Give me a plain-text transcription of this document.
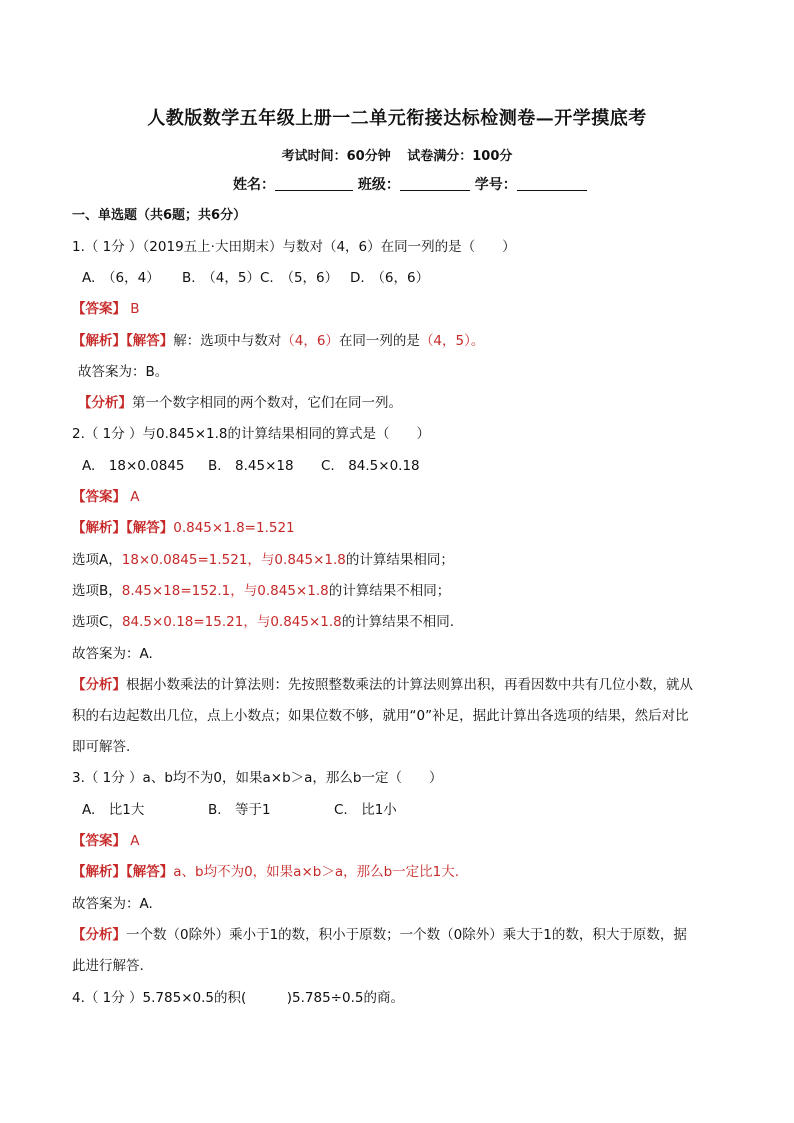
人教版数学五年级上册一二单元衔接达标检测卷—开学摸底考
考试时间：60分钟 试卷满分：100分
姓名：	班级：	学号：
一、单选题（共6题；共6分）
1.（ 1分 ）（2019五上·大田期末）与数对（4，6）在同一列的是（　　）
A.　（6，4） B.　（4，5）C.　（5，6） D.　（6，6）
【答案】 B
【解析】【解答】解：选项中与数对（4，6）在同一列的是（4，5）。
故答案为：B。
【分析】第一个数字相同的两个数对，它们在同一列。
2.（ 1分 ）与0.845×1.8的计算结果相同的算式是（　　）
A.　18×0.0845 B.　8.45×18 C.　84.5×0.18
【答案】 A
【解析】【解答】0.845×1.8=1.521
选项A，18×0.0845=1.521，与0.845×1.8的计算结果相同；
选项B，8.45×18=152.1，与0.845×1.8的计算结果不相同；
选项C，84.5×0.18=15.21，与0.845×1.8的计算结果不相同.
故答案为：A.
【分析】根据小数乘法的计算法则：先按照整数乘法的计算法则算出积，再看因数中共有几位小数，就从
积的右边起数出几位，点上小数点；如果位数不够，就用“0”补足，据此计算出各选项的结果，然后对比
即可解答.
3.（ 1分 ）a、b均不为0，如果a×b＞a，那么b一定（　　）
A.　比1大	B.　等于1	C.　比1小
【答案】 A
【解析】【解答】a、b均不为0，如果a×b＞a，那么b一定比1大.
故答案为：A.
【分析】一个数（0除外）乘小于1的数，积小于原数；一个数（0除外）乘大于1的数，积大于原数，据
此进行解答.
4.（ 1分 ）5.785×0.5的积(　　　)5.785÷0.5的商。
